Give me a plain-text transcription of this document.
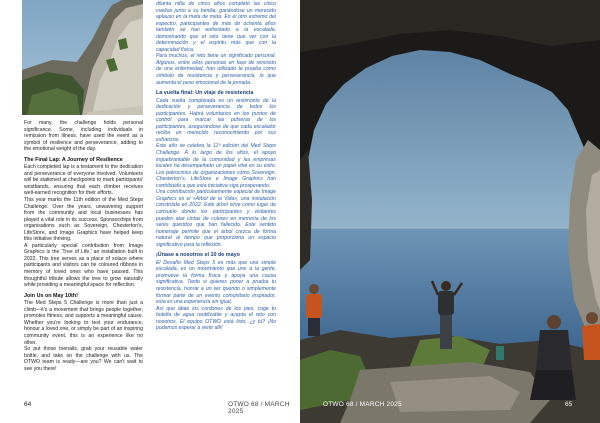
For many, the challenge holds personal significance. Some, including individuals in remission from illness, have used the event as a symbol of resilience and perseverance, adding to the emotional weight of the day.

The Final Lap: A Journey of Resilience

Each completed lap is a testament to the dedication and perseverance of everyone involved. Volunteers will be stationed at checkpoints to mark participants' wristbands, ensuring that each climber receives well-earned recognition for their efforts.

This year marks the 11th edition of the Med Steps Challenge. Over the years, unwavering support from the community and local businesses has played a vital role in its success. Sponsorships from organisations such as Sovereign, Chesterton's, LifeStore, and Image Graphics have helped keep this initiative thriving.

A particularly special contribution from Image Graphics is the 'Tree of Life,' an installation built in 2022. This tree serves as a place of solace where participants and visitors can tie coloured ribbons in memory of loved ones who have passed. This thoughtful tribute allows the tree to grow naturally while providing a meaningful space for reflection.

Join Us on May 10th!

The Med Steps 5 Challenge is more than just a climb—it's a movement that brings people together, promotes fitness, and supports a meaningful cause. Whether you're looking to test your endurance, honour a loved one, or simply be part of an inspiring community event, this is an experience like no other.

So put those toenails, grab your reusable water bottle, and take on the challenge with us. The OTWO team is ready—are you? We can't wait to see you there!

dilanta niña de cinco años completó las cinco vueltas junto a su familia, ganándose un merecido aplauso en la meta de meta. En el otro extremo del espectro, participantes de más de ochenta años también se han enfrentado a la escalada, demostrando que el reto tiene que ver con la determinación y el espíritu más que con la capacidad física.

Para muchos, el reto tiene un significado personal. Algunos, entre ellos personas en fase de remisión de una enfermedad, han utilizado la prueba como símbolo de resistencia y perseverancia, lo que aumenta el peso emocional de la jornada.

La vuelta final: Un viaje de resistencia

Cada vuelta completada es un testimonio de la dedicación y perseverancia de todos los participantes. Habrá voluntarios en los puntos de control para marcar las pulseras de los participantes, asegurándose de que cada escalador reciba un merecido reconocimiento por sus esfuerzos.

Este año se celebra la 11ª edición del Med Steps Challenge. A lo largo de los años, el apoyo inquebrantable de la comunidad y las empresas locales ha desempeñado un papel vital en su éxito. Los patrocinios de organizaciones como Sovereign, Chesterton's, LifeStore e Image Graphics han contribuido a que esta iniciativa siga prosperando.

Una contribución particularmente especial de Image Graphics es el «Árbol de la Vida», una instalación construida en 2022. Este árbol sirve como lugar de consuelo donde los participantes y visitantes pueden atar cintas de colores en memoria de los seres queridos que han fallecido. Este sentido homenaje permite que el árbol crezca de forma natural al tiempo que proporciona un espacio significativo para la reflexión.

¡Únase a nosotros el 10 de mayo

El Desafío Med Steps 5 es más que una simple escalada, es un movimiento que une a la gente, promueve la forma física y apoya una causa significativa. Tanto si quieres poner a prueba tu resistencia, honrar a un ser querido o simplemente formar parte de un evento comunitario inspirador, esta es una experiencia sin igual.

Así que átate los cordones de los pies, coge tu botella de agua reutilizable y acepta el reto con nosotros. El equipo OTWO está listo, ¿y tú? ¡No podemos esperar a verte allí!

64	OTWO 68 / MARCH 2025
OTWO 68 / MARCH 2025	65
